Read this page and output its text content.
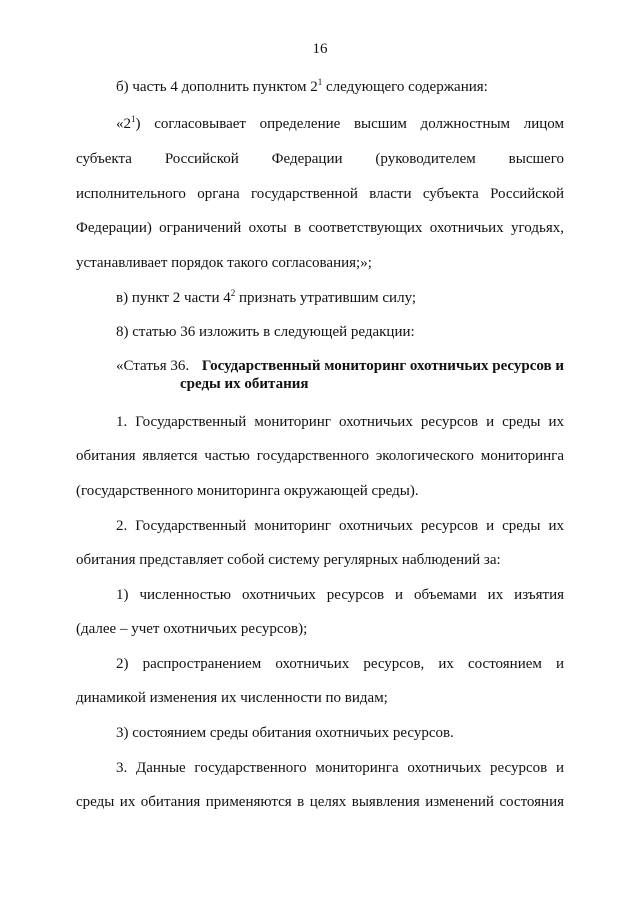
16
б) часть 4 дополнить пунктом $2^1$ следующего содержания:
«$2^1$) согласовывает определение высшим должностным лицом
субъекта Российской Федерации (руководителем высшего
исполнительного органа государственной власти субъекта Российской
Федерации) ограничений охоты в соответствующих охотничьих угодьях,
устанавливает порядок такого согласования;»;
в) пункт 2 части $4^2$ признать утратившим силу;
8) статью 36 изложить в следующей редакции:
«Статья 36. Государственный мониторинг охотничьих ресурсов и
среды их обитания
1. Государственный мониторинг охотничьих ресурсов и среды их
обитания является частью государственного экологического мониторинга
(государственного мониторинга окружающей среды).
2. Государственный мониторинг охотничьих ресурсов и среды их
обитания представляет собой систему регулярных наблюдений за:
1) численностью охотничьих ресурсов и объемами их изъятия
(далее – учет охотничьих ресурсов);
2) распространением охотничьих ресурсов, их состоянием и
динамикой изменения их численности по видам;
3) состоянием среды обитания охотничьих ресурсов.
3. Данные государственного мониторинга охотничьих ресурсов и
среды их обитания применяются в целях выявления изменений состояния
